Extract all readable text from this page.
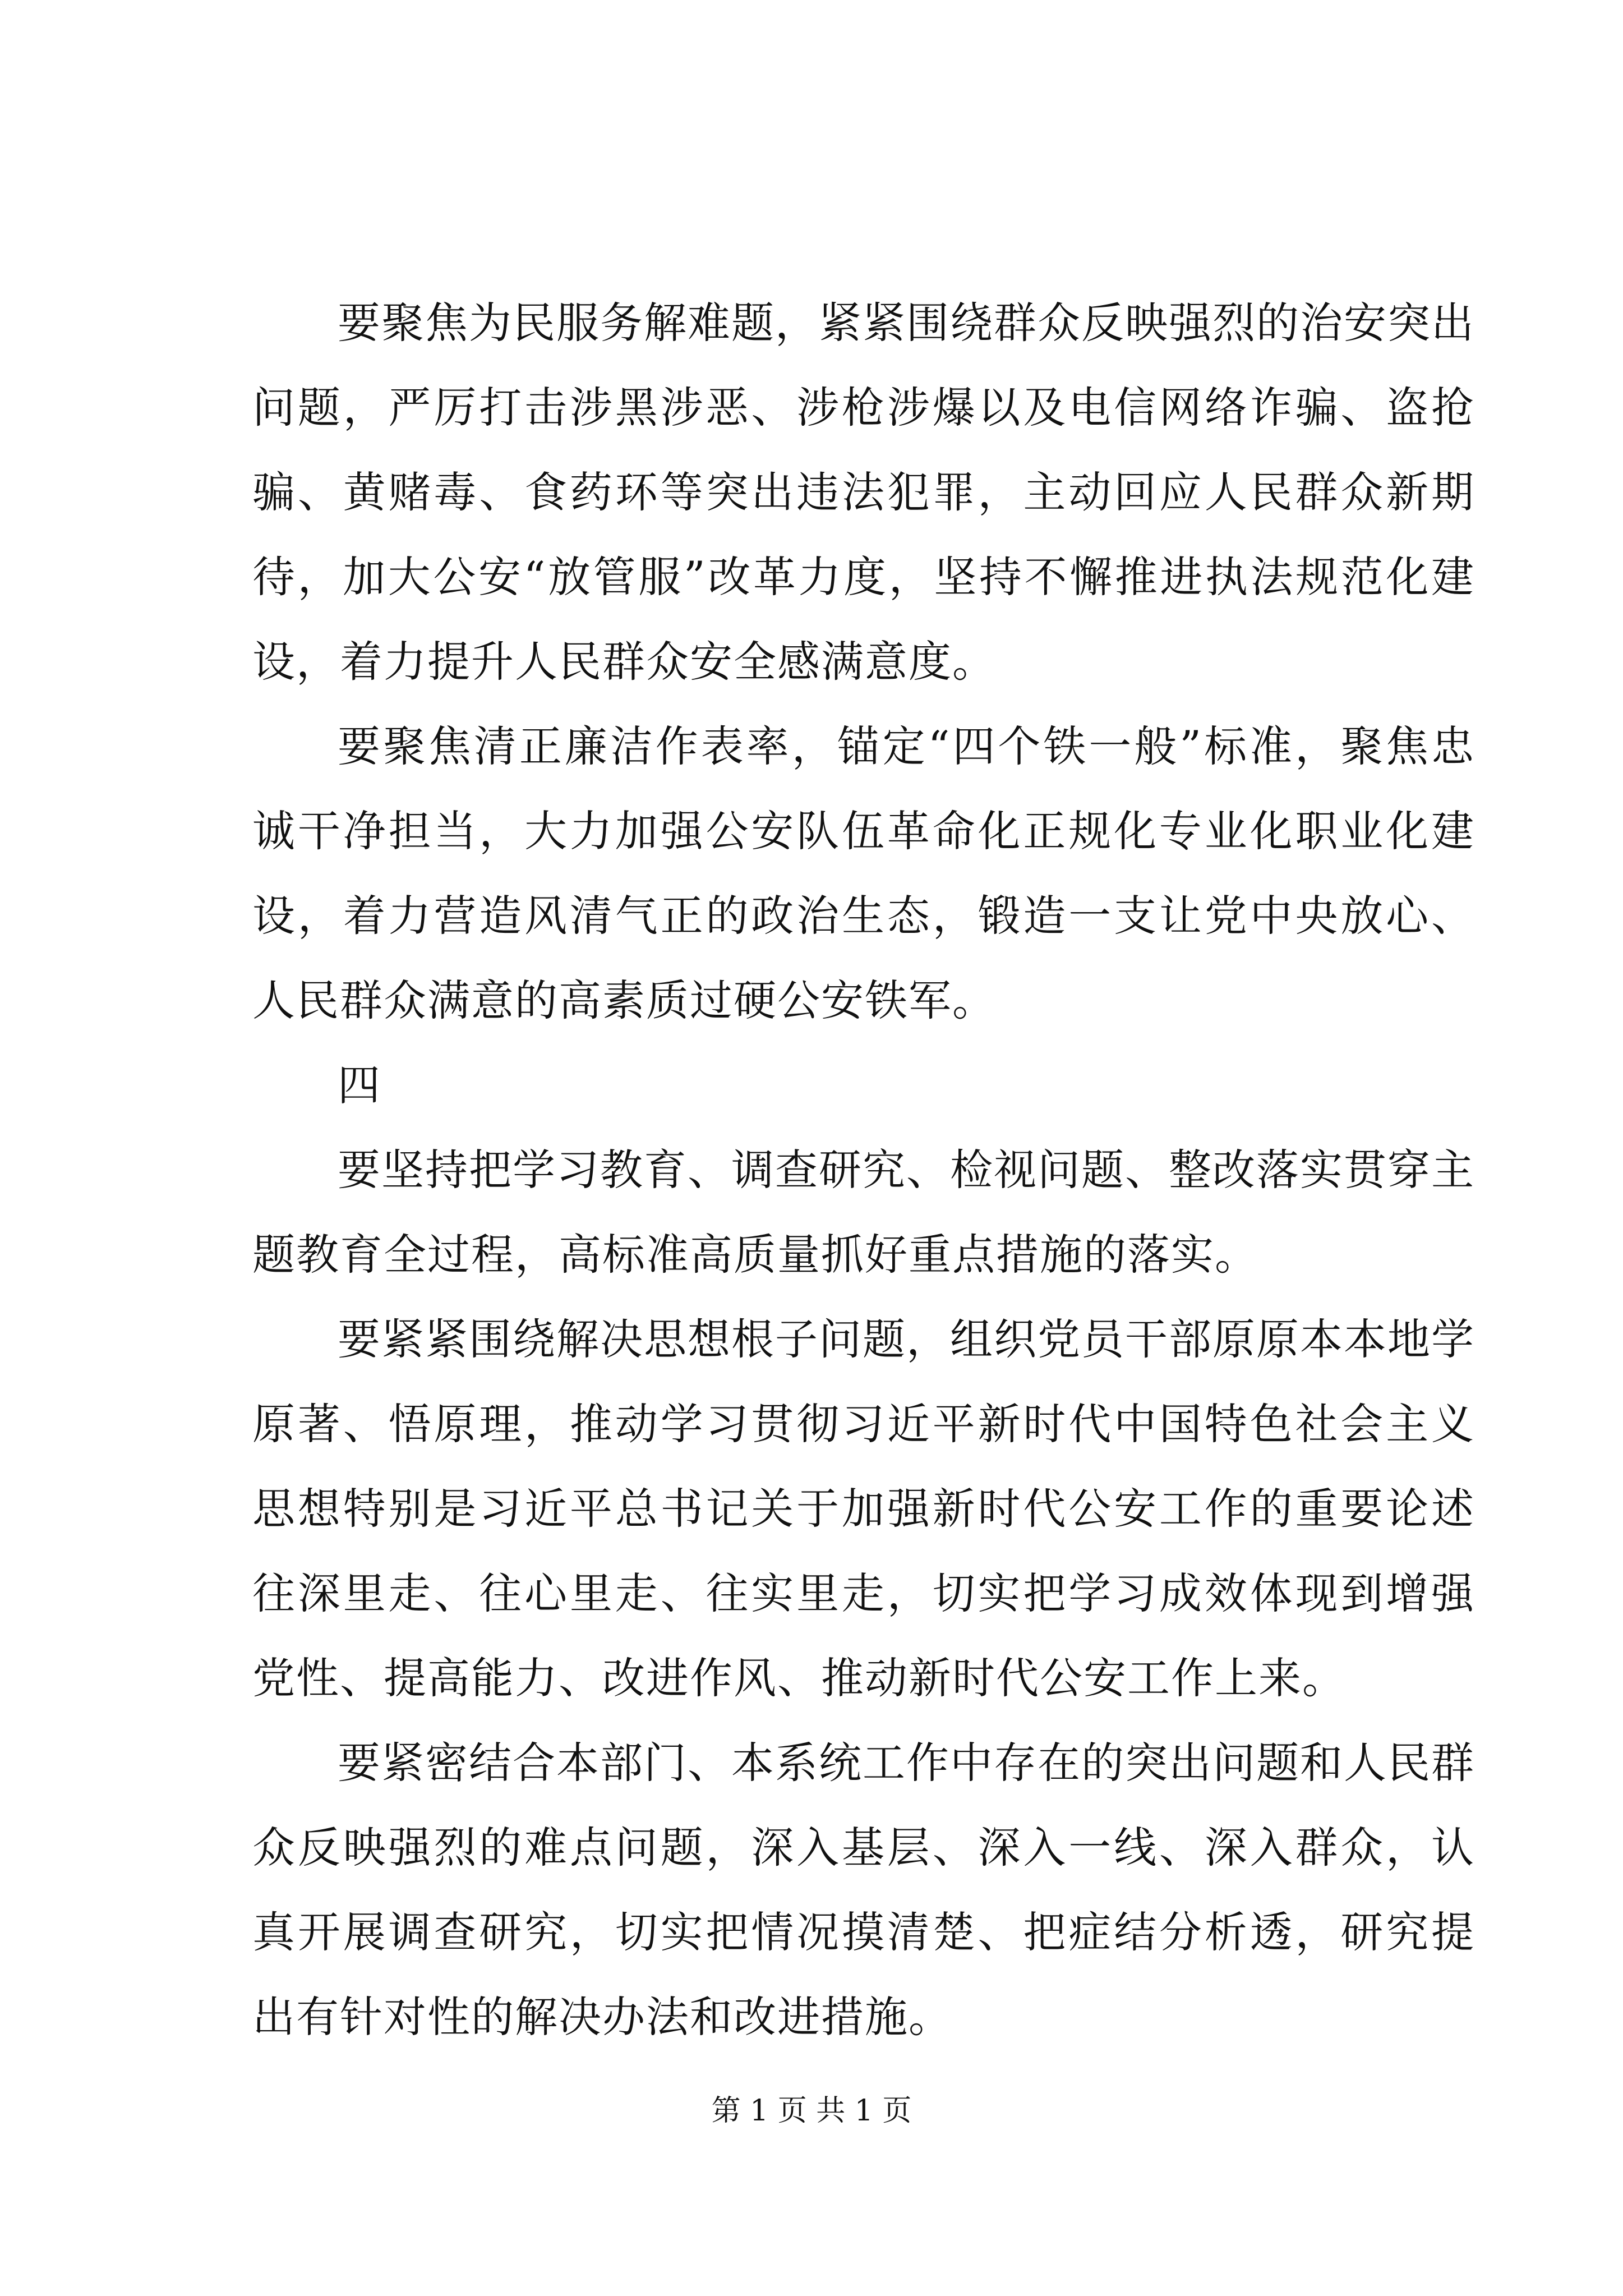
要聚焦为民服务解难题，紧紧围绕群众反映强烈的治安突出问题，严厉打击涉黑涉恶、涉枪涉爆以及电信网络诈骗、盗抢骗、黄赌毒、食药环等突出违法犯罪，主动回应人民群众新期待，加大公安“放管服”改革力度，坚持不懈推进执法规范化建设，着力提升人民群众安全感满意度。

要聚焦清正廉洁作表率，锚定“四个铁一般”标准，聚焦忠诚干净担当，大力加强公安队伍革命化正规化专业化职业化建设，着力营造风清气正的政治生态，锻造一支让党中央放心、人民群众满意的高素质过硬公安铁军。

四

要坚持把学习教育、调查研究、检视问题、整改落实贯穿主题教育全过程，高标准高质量抓好重点措施的落实。

要紧紧围绕解决思想根子问题，组织党员干部原原本本地学原著、悟原理，推动学习贯彻习近平新时代中国特色社会主义思想特别是习近平总书记关于加强新时代公安工作的重要论述往深里走、往心里走、往实里走，切实把学习成效体现到增强党性、提高能力、改进作风、推动新时代公安工作上来。

要紧密结合本部门、本系统工作中存在的突出问题和人民群众反映强烈的难点问题，深入基层、深入一线、深入群众，认真开展调查研究，切实把情况摸清楚、把症结分析透，研究提出有针对性的解决办法和改进措施。

第 1 页 共 1 页
